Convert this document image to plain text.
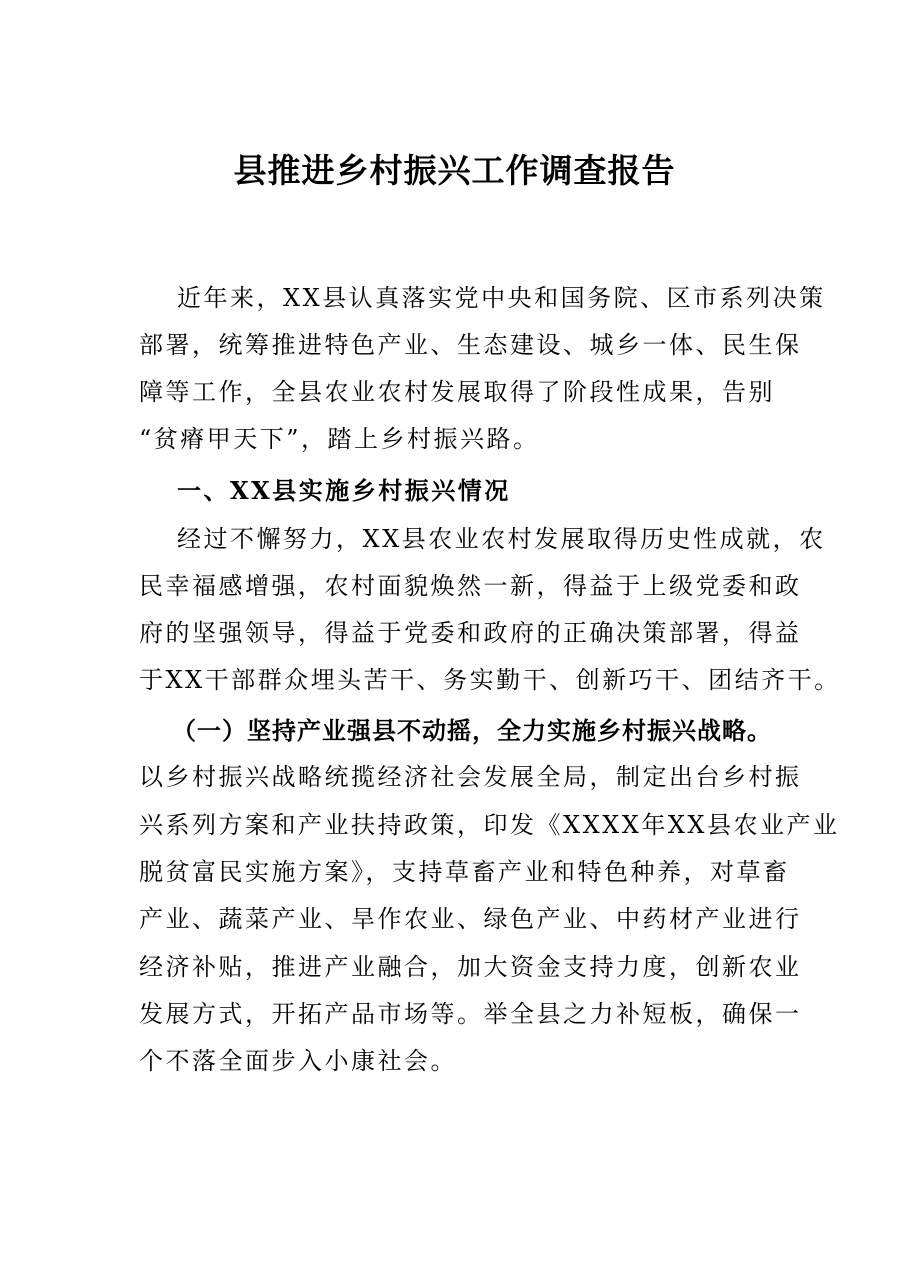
县推进乡村振兴工作调查报告
近年来，XX县认真落实党中央和国务院、区市系列决策
部署，统筹推进特色产业、生态建设、城乡一体、民生保
障等工作，全县农业农村发展取得了阶段性成果，告别
“贫瘠甲天下”，踏上乡村振兴路。
一、XX县实施乡村振兴情况
经过不懈努力，XX县农业农村发展取得历史性成就，农
民幸福感增强，农村面貌焕然一新，得益于上级党委和政
府的坚强领导，得益于党委和政府的正确决策部署，得益
于XX干部群众埋头苦干、务实勤干、创新巧干、团结齐干。
（一）坚持产业强县不动摇，全力实施乡村振兴战略。
以乡村振兴战略统揽经济社会发展全局，制定出台乡村振
兴系列方案和产业扶持政策，印发《XXXX年XX县农业产业
脱贫富民实施方案》，支持草畜产业和特色种养，对草畜
产业、蔬菜产业、旱作农业、绿色产业、中药材产业进行
经济补贴，推进产业融合，加大资金支持力度，创新农业
发展方式，开拓产品市场等。举全县之力补短板，确保一
个不落全面步入小康社会。
